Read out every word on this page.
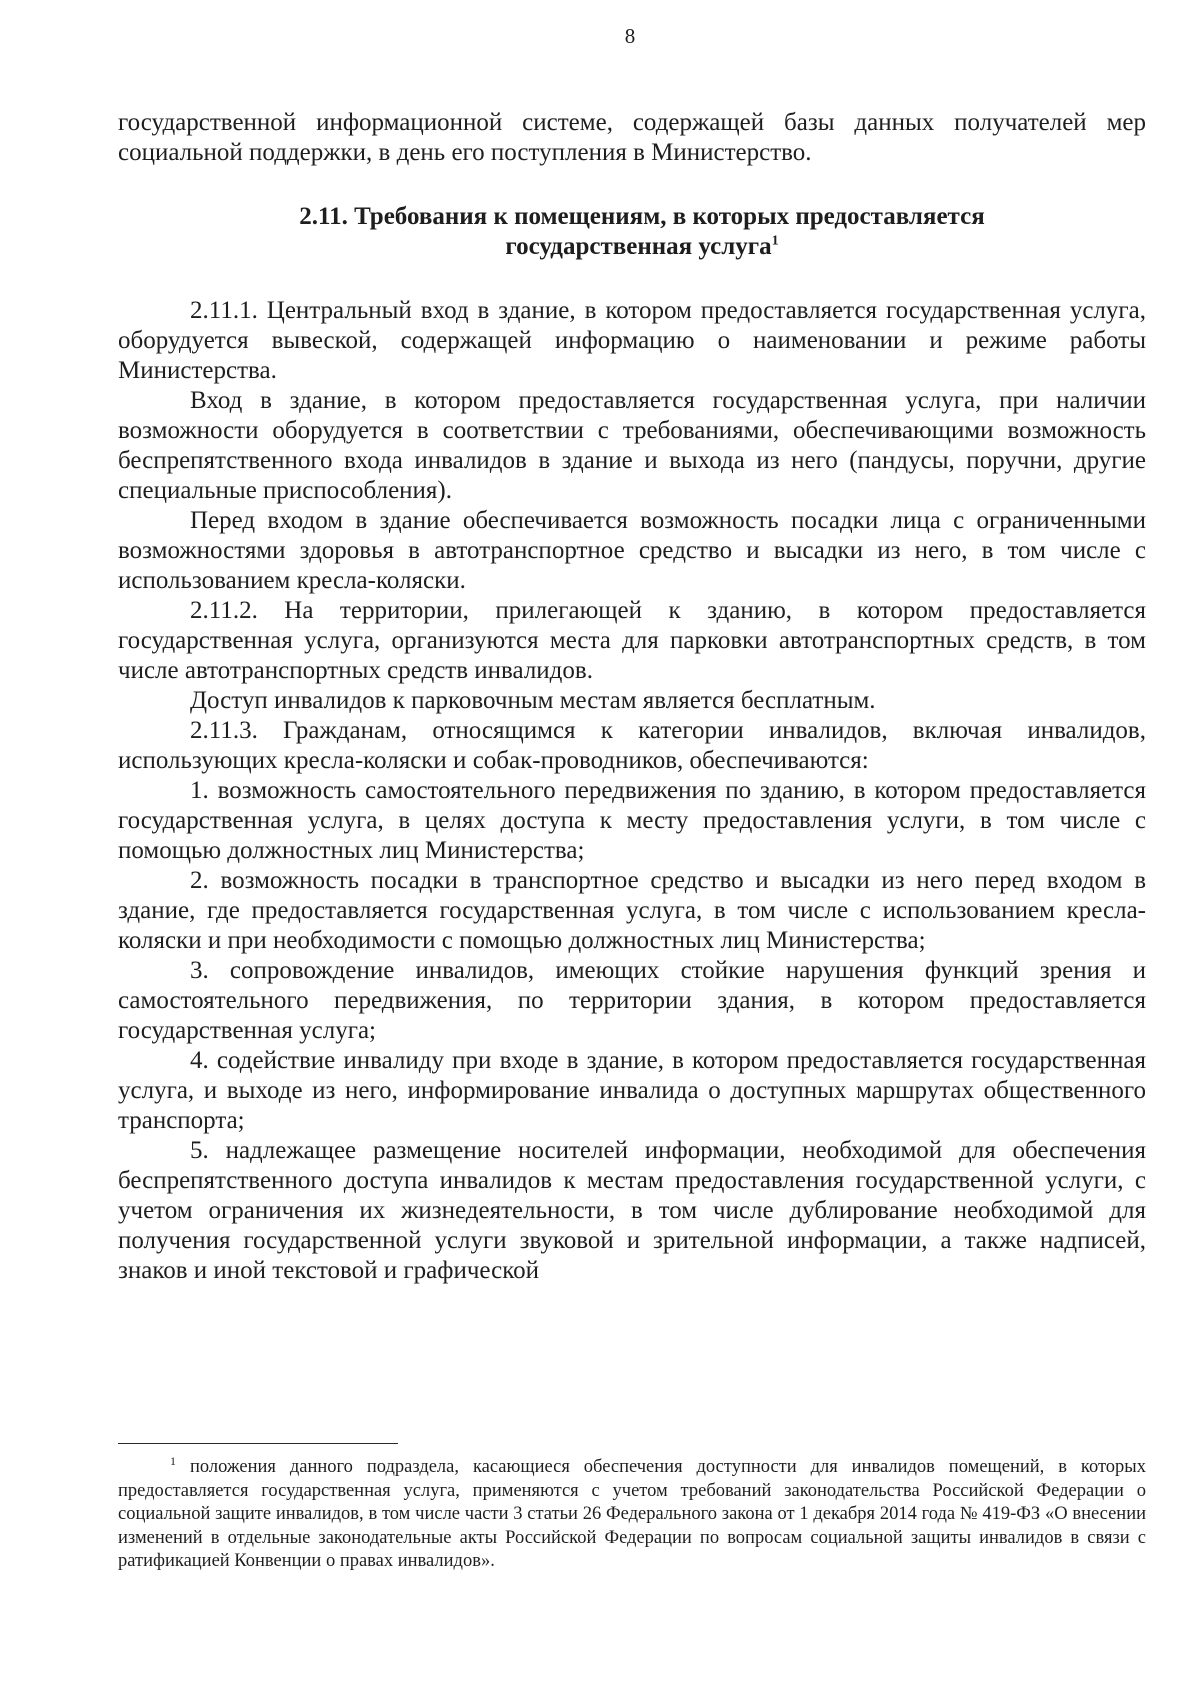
8

государственной информационной системе, содержащей базы данных получателей мер социальной поддержки, в день его поступления в Министерство.

2.11. Требования к помещениям, в которых предоставляется
государственная услуга$^1$

2.11.1. Центральный вход в здание, в котором предоставляется государственная услуга, оборудуется вывеской, содержащей информацию о наименовании и режиме работы Министерства.

Вход в здание, в котором предоставляется государственная услуга, при наличии возможности оборудуется в соответствии с требованиями, обеспечивающими возможность беспрепятственного входа инвалидов в здание и выхода из него (пандусы, поручни, другие специальные приспособления).

Перед входом в здание обеспечивается возможность посадки лица с ограниченными возможностями здоровья в автотранспортное средство и высадки из него, в том числе с использованием кресла-коляски.

2.11.2. На территории, прилегающей к зданию, в котором предоставляется государственная услуга, организуются места для парковки автотранспортных средств, в том числе автотранспортных средств инвалидов.

Доступ инвалидов к парковочным местам является бесплатным.

2.11.3. Гражданам, относящимся к категории инвалидов, включая инвалидов, использующих кресла-коляски и собак-проводников, обеспечиваются:

1. возможность самостоятельного передвижения по зданию, в котором предоставляется государственная услуга, в целях доступа к месту предоставления услуги, в том числе с помощью должностных лиц Министерства;

2. возможность посадки в транспортное средство и высадки из него перед входом в здание, где предоставляется государственная услуга, в том числе с использованием кресла-коляски и при необходимости с помощью должностных лиц Министерства;

3. сопровождение инвалидов, имеющих стойкие нарушения функций зрения и самостоятельного передвижения, по территории здания, в котором предоставляется государственная услуга;

4. содействие инвалиду при входе в здание, в котором предоставляется государственная услуга, и выходе из него, информирование инвалида о доступных маршрутах общественного транспорта;

5. надлежащее размещение носителей информации, необходимой для обеспечения беспрепятственного доступа инвалидов к местам предоставления государственной услуги, с учетом ограничения их жизнедеятельности, в том числе дублирование необходимой для получения государственной услуги звуковой и зрительной информации, а также надписей, знаков и иной текстовой и графической

$^1$ положения данного подраздела, касающиеся обеспечения доступности для инвалидов помещений, в которых предоставляется государственная услуга, применяются с учетом требований законодательства Российской Федерации о социальной защите инвалидов, в том числе части 3 статьи 26 Федерального закона от 1 декабря 2014 года № 419-ФЗ «О внесении изменений в отдельные законодательные акты Российской Федерации по вопросам социальной защиты инвалидов в связи с ратификацией Конвенции о правах инвалидов».
